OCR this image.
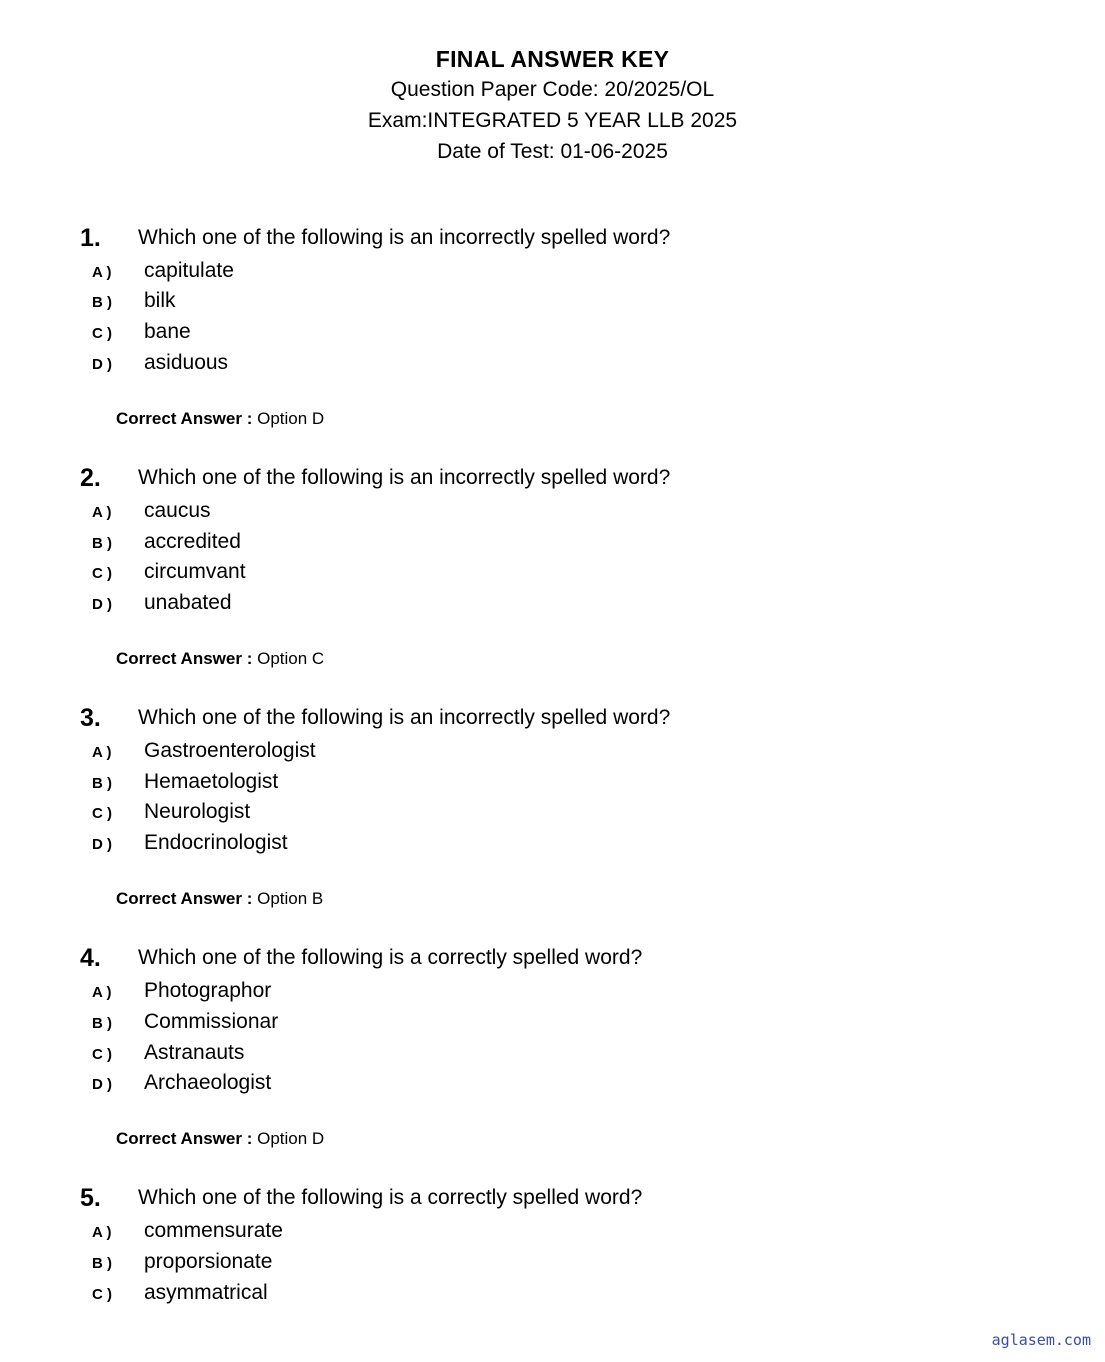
FINAL ANSWER KEY
Question Paper Code: 20/2025/OL
Exam:INTEGRATED 5 YEAR LLB 2025
Date of Test: 01-06-2025
1. Which one of the following is an incorrectly spelled word?
A ) capitulate
B ) bilk
C ) bane
D ) asiduous
Correct Answer : Option D
2. Which one of the following is an incorrectly spelled word?
A ) caucus
B ) accredited
C ) circumvant
D ) unabated
Correct Answer : Option C
3. Which one of the following is an incorrectly spelled word?
A ) Gastroenterologist
B ) Hemaetologist
C ) Neurologist
D ) Endocrinologist
Correct Answer : Option B
4. Which one of the following is a correctly spelled word?
A ) Photographor
B ) Commissionar
C ) Astranauts
D ) Archaeologist
Correct Answer : Option D
5. Which one of the following is a correctly spelled word?
A ) commensurate
B ) proporsionate
C ) asymmatrical
aglasem.com
